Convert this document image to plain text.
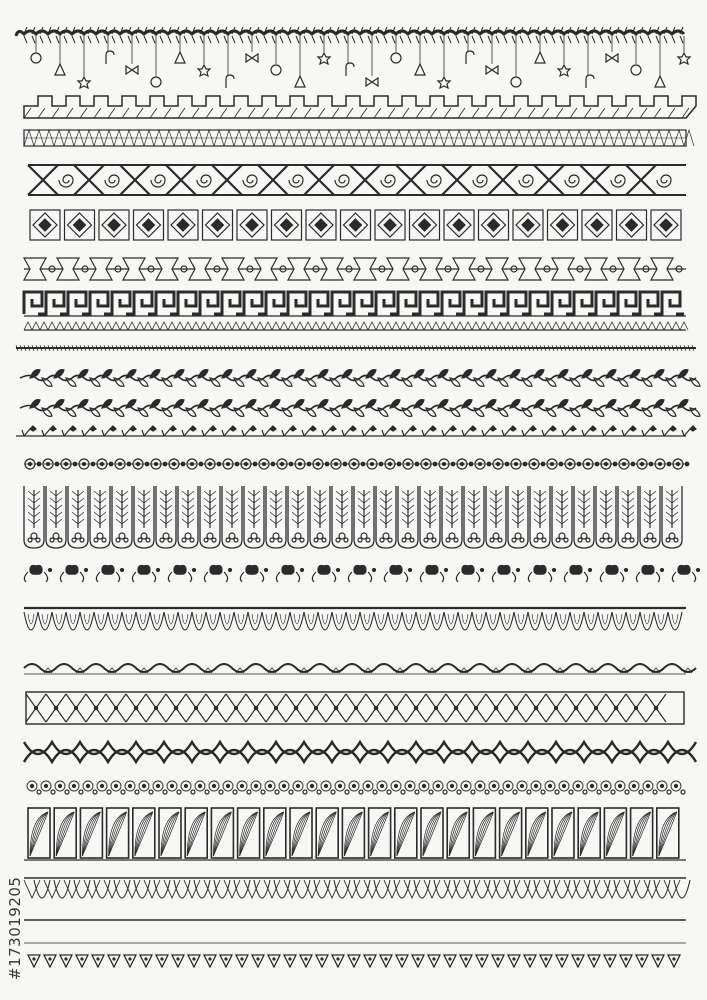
#173019205
